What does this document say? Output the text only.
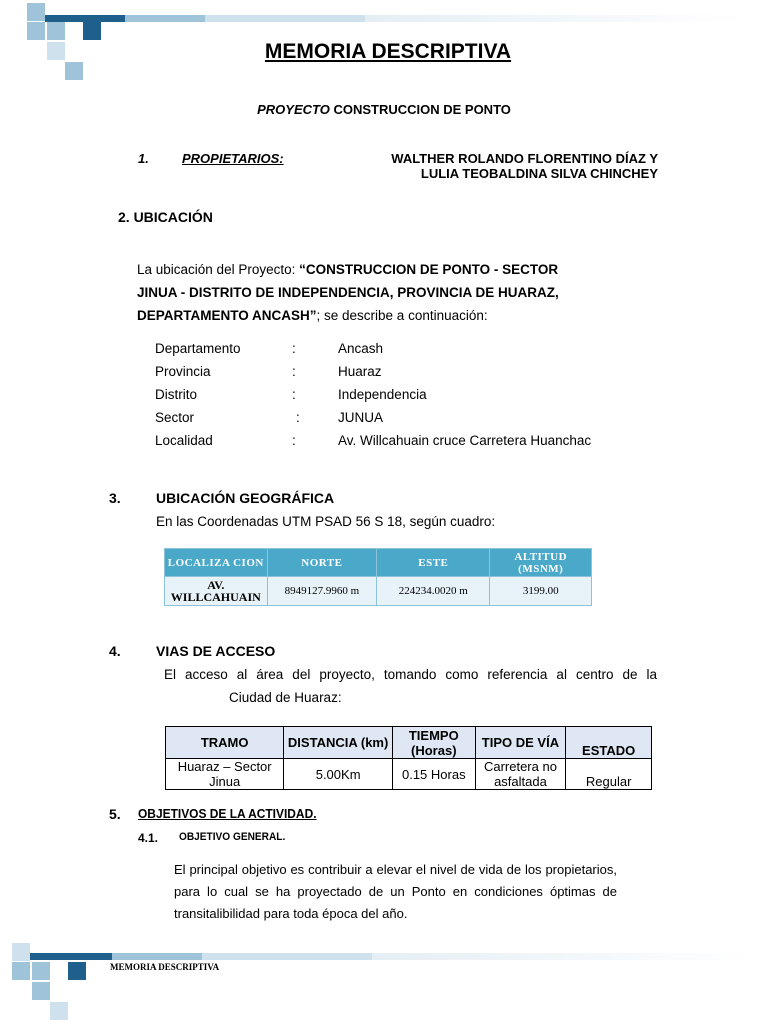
MEMORIA DESCRIPTIVA
PROYECTO CONSTRUCCION DE PONTO
1.	PROPIETARIOS:	WALTHER ROLANDO FLORENTINO DÍAZ Y
LULIA TEOBALDINA SILVA CHINCHEY
2. UBICACIÓN
La ubicación del Proyecto: “CONSTRUCCION DE PONTO - SECTOR
JINUA - DISTRITO DE INDEPENDENCIA, PROVINCIA DE HUARAZ,
DEPARTAMENTO ANCASH”; se describe a continuación:
Departamento	:	Ancash
Provincia	:	Huaraz
Distrito	:	Independencia
Sector	:	JUNUA
Localidad	:	Av. Willcahuain cruce Carretera Huanchac
3.	UBICACIÓN GEOGRÁFICA
En las Coordenadas UTM PSAD 56 S 18, según cuadro:
LOCALIZA CION	NORTE	ESTE	ALTITUD (MSNM)
AV. WILLCAHUAIN	8949127.9960 m	224234.0020 m	3199.00
4.	VIAS DE ACCESO
El acceso al área del proyecto, tomando como referencia al centro de la
Ciudad de Huaraz:
TRAMO	DISTANCIA (km)	TIEMPO (Horas)	TIPO DE VÍA	ESTADO
Huaraz – Sector Jinua	5.00Km	0.15 Horas	Carretera no asfaltada	Regular
5. OBJETIVOS DE LA ACTIVIDAD.
4.1. OBJETIVO GENERAL.
El principal objetivo es contribuir a elevar el nivel de vida de los propietarios,
para lo cual se ha proyectado de un Ponto en condiciones óptimas de
transitalibilidad para toda época del año.
MEMORIA DESCRIPTIVA
